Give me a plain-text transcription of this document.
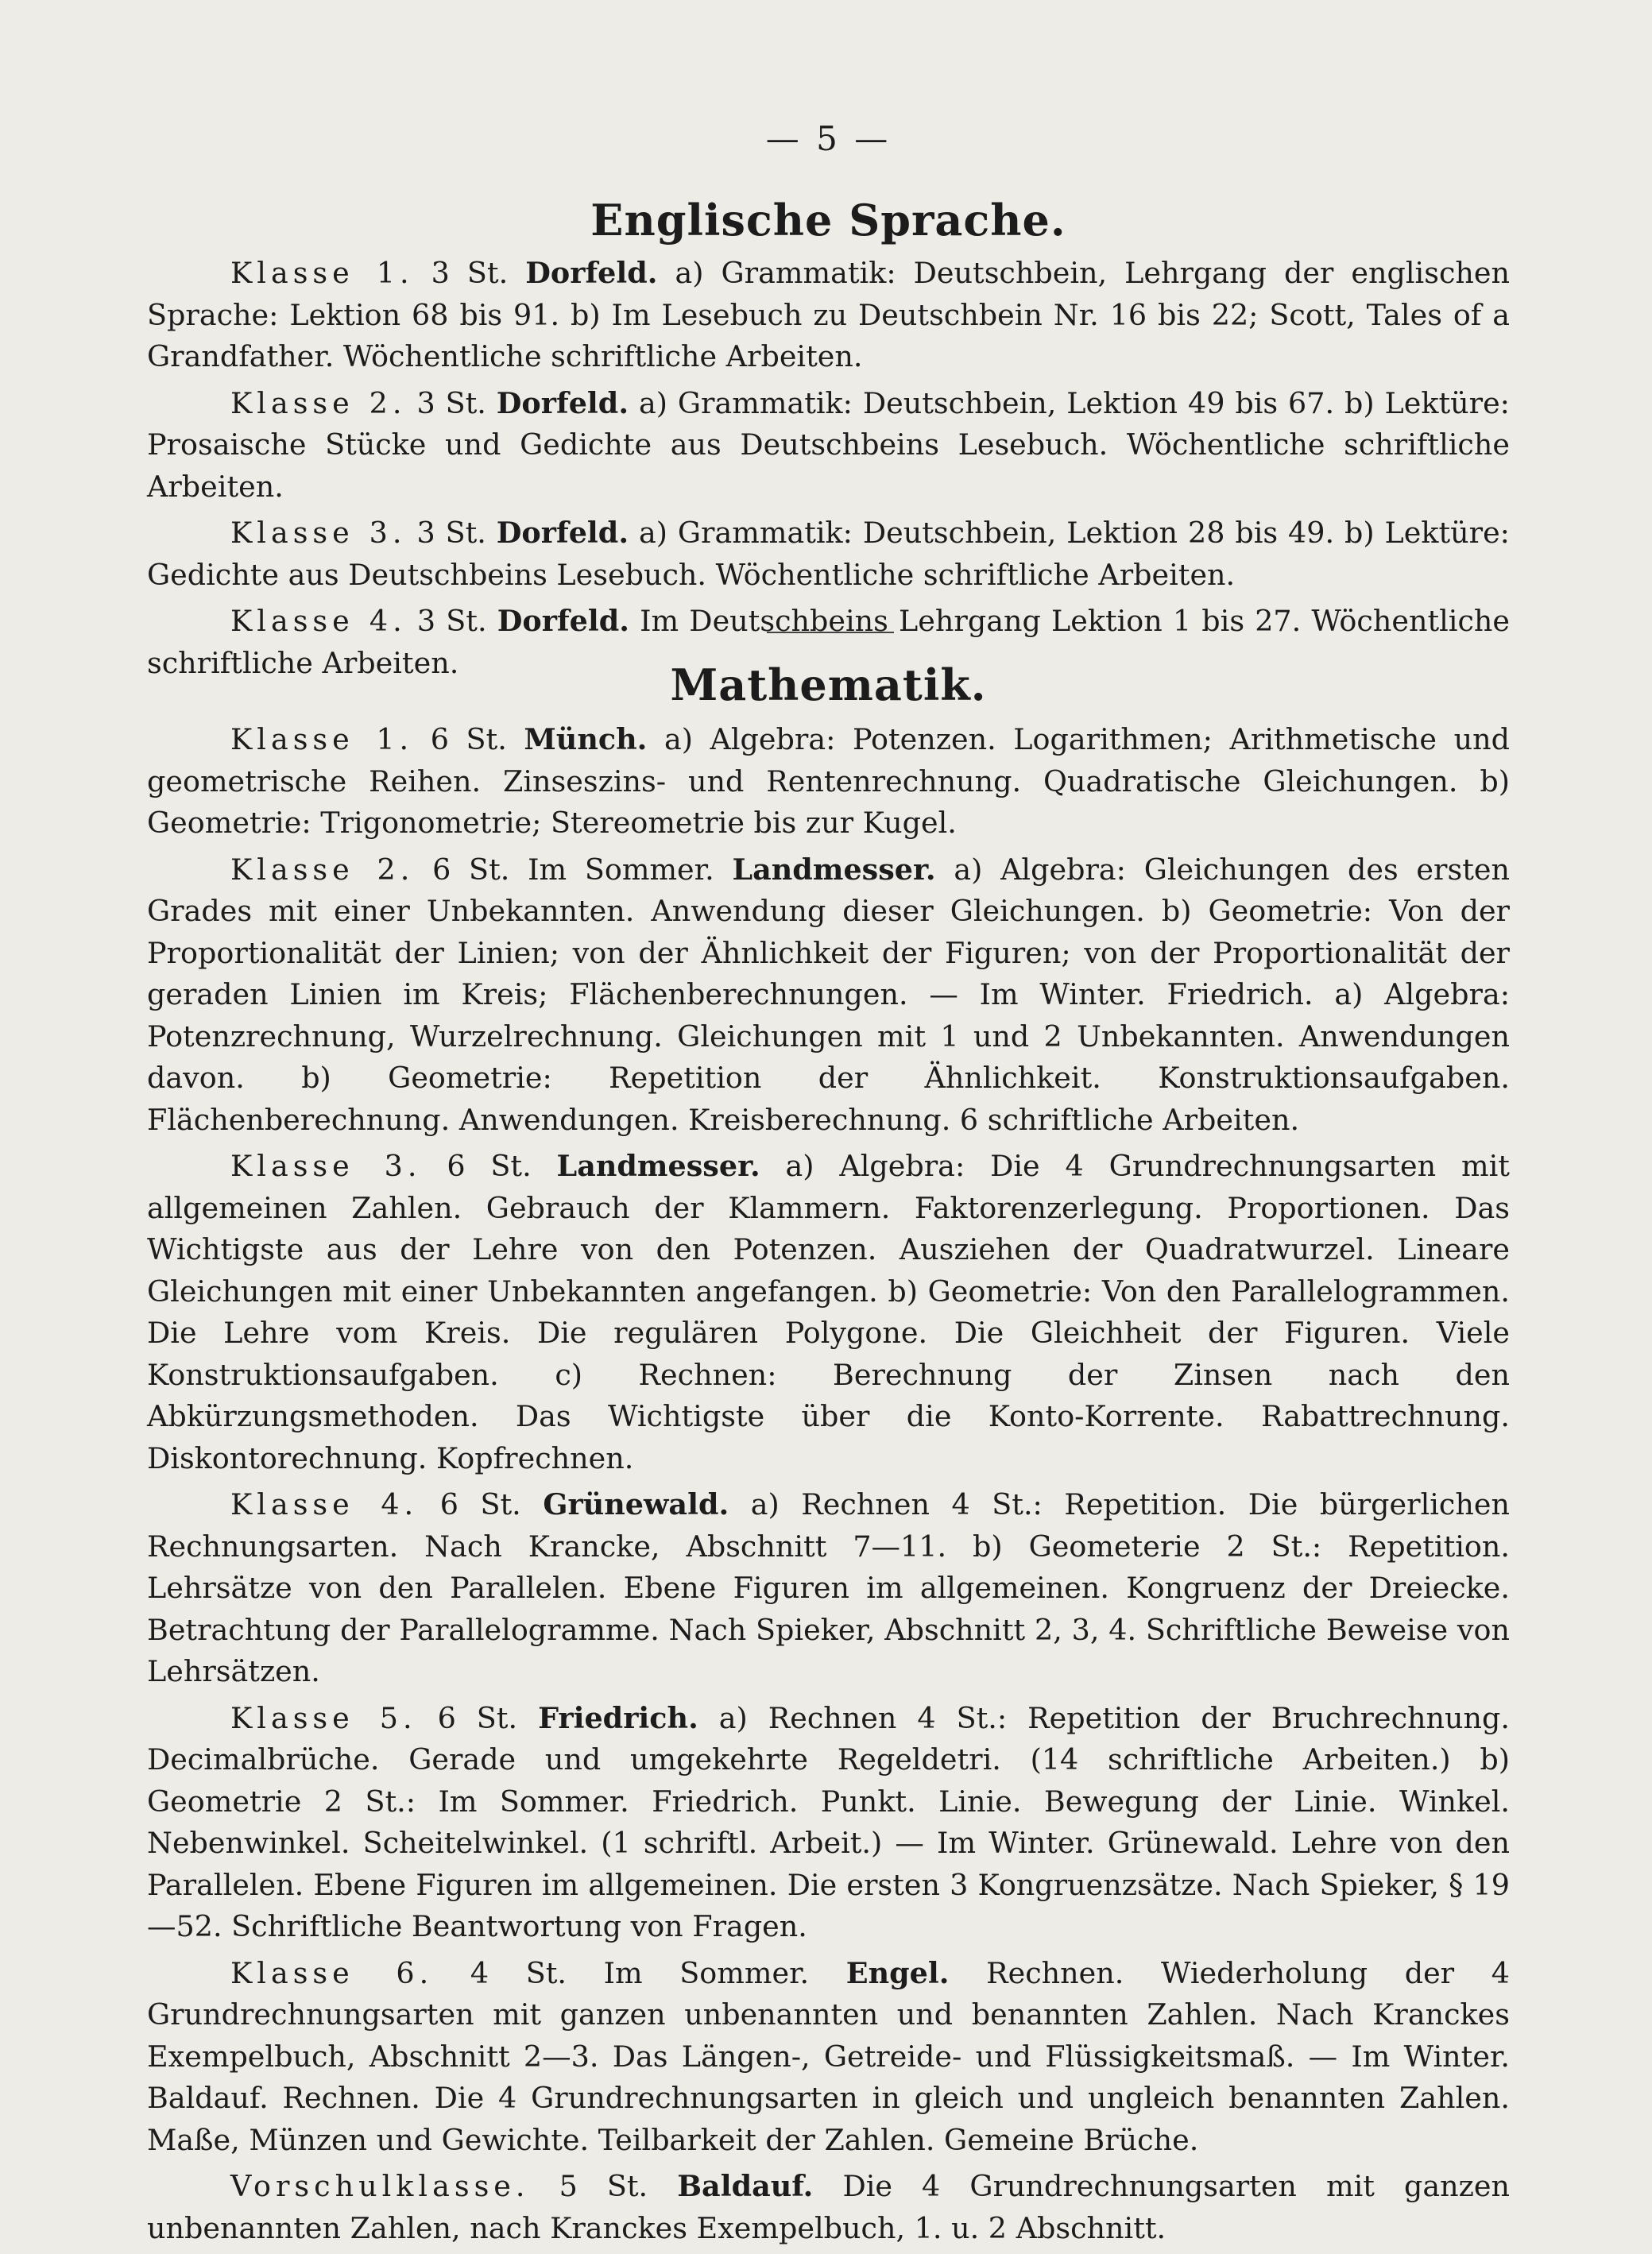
— 5 —
Englische Sprache.

Klasse 1. 3 St. Dorfeld. a) Grammatik: Deutschbein, Lehrgang der englischen Sprache: Lektion 68 bis 91. b) Im Lesebuch zu Deutschbein Nr. 16 bis 22; Scott, Tales of a Grandfather. Wöchentliche schriftliche Arbeiten.

Klasse 2. 3 St. Dorfeld. a) Grammatik: Deutschbein, Lektion 49 bis 67. b) Lektüre: Prosaische Stücke und Gedichte aus Deutschbeins Lesebuch. Wöchentliche schriftliche Arbeiten.

Klasse 3. 3 St. Dorfeld. a) Grammatik: Deutschbein, Lektion 28 bis 49. b) Lektüre: Gedichte aus Deutschbeins Lesebuch. Wöchentliche schriftliche Arbeiten.

Klasse 4. 3 St. Dorfeld. Im Deutschbeins Lehrgang Lektion 1 bis 27. Wöchentliche schriftliche Arbeiten.	Mathematik.

Klasse 1. 6 St. Münch. a) Algebra: Potenzen. Logarithmen; Arithmetische und geometrische Reihen. Zinseszins- und Rentenrechnung. Quadratische Gleichungen. b) Geometrie: Trigonometrie; Stereometrie bis zur Kugel.

Klasse 2. 6 St. Im Sommer. Landmesser. a) Algebra: Gleichungen des ersten Grades mit einer Unbekannten. Anwendung dieser Gleichungen. b) Geometrie: Von der Proportionalität der Linien; von der Ähnlichkeit der Figuren; von der Proportionalität der geraden Linien im Kreis; Flächenberechnungen. — Im Winter. Friedrich. a) Algebra: Potenzrechnung, Wurzelrechnung. Gleichungen mit 1 und 2 Unbekannten. Anwendungen davon. b) Geometrie: Repetition der Ähnlichkeit. Konstruktionsaufgaben. Flächenberechnung. Anwendungen. Kreisberechnung. 6 schriftliche Arbeiten.

Klasse 3. 6 St. Landmesser. a) Algebra: Die 4 Grundrechnungsarten mit allgemeinen Zahlen. Gebrauch der Klammern. Faktorenzerlegung. Proportionen. Das Wichtigste aus der Lehre von den Potenzen. Ausziehen der Quadratwurzel. Lineare Gleichungen mit einer Unbekannten angefangen. b) Geometrie: Von den Parallelogrammen. Die Lehre vom Kreis. Die regulären Polygone. Die Gleichheit der Figuren. Viele Konstruktionsaufgaben. c) Rechnen: Berechnung der Zinsen nach den Abkürzungsmethoden. Das Wichtigste über die Konto-Korrente. Rabattrechnung. Diskontorechnung. Kopfrechnen.

Klasse 4. 6 St. Grünewald. a) Rechnen 4 St.: Repetition. Die bürgerlichen Rechnungsarten. Nach Krancke, Abschnitt 7—11. b) Geometerie 2 St.: Repetition. Lehrsätze von den Parallelen. Ebene Figuren im allgemeinen. Kongruenz der Dreiecke. Betrachtung der Parallelogramme. Nach Spieker, Abschnitt 2, 3, 4. Schriftliche Beweise von Lehrsätzen.

Klasse 5. 6 St. Friedrich. a) Rechnen 4 St.: Repetition der Bruchrechnung. Decimalbrüche. Gerade und umgekehrte Regeldetri. (14 schriftliche Arbeiten.) b) Geometrie 2 St.: Im Sommer. Friedrich. Punkt. Linie. Bewegung der Linie. Winkel. Nebenwinkel. Scheitelwinkel. (1 schriftl. Arbeit.) — Im Winter. Grünewald. Lehre von den Parallelen. Ebene Figuren im allgemeinen. Die ersten 3 Kongruenzsätze. Nach Spieker, § 19—52. Schriftliche Beantwortung von Fragen.

Klasse 6. 4 St. Im Sommer. Engel. Rechnen. Wiederholung der 4 Grundrechnungsarten mit ganzen unbenannten und benannten Zahlen. Nach Kranckes Exempelbuch, Abschnitt 2—3. Das Längen-, Getreide- und Flüssigkeitsmaß. — Im Winter. Baldauf. Rechnen. Die 4 Grundrechnungsarten in gleich und ungleich benannten Zahlen. Maße, Münzen und Gewichte. Teilbarkeit der Zahlen. Gemeine Brüche.

Vorschulklasse. 5 St. Baldauf. Die 4 Grundrechnungsarten mit ganzen unbenannten Zahlen, nach Kranckes Exempelbuch, 1. u. 2 Abschnitt.
